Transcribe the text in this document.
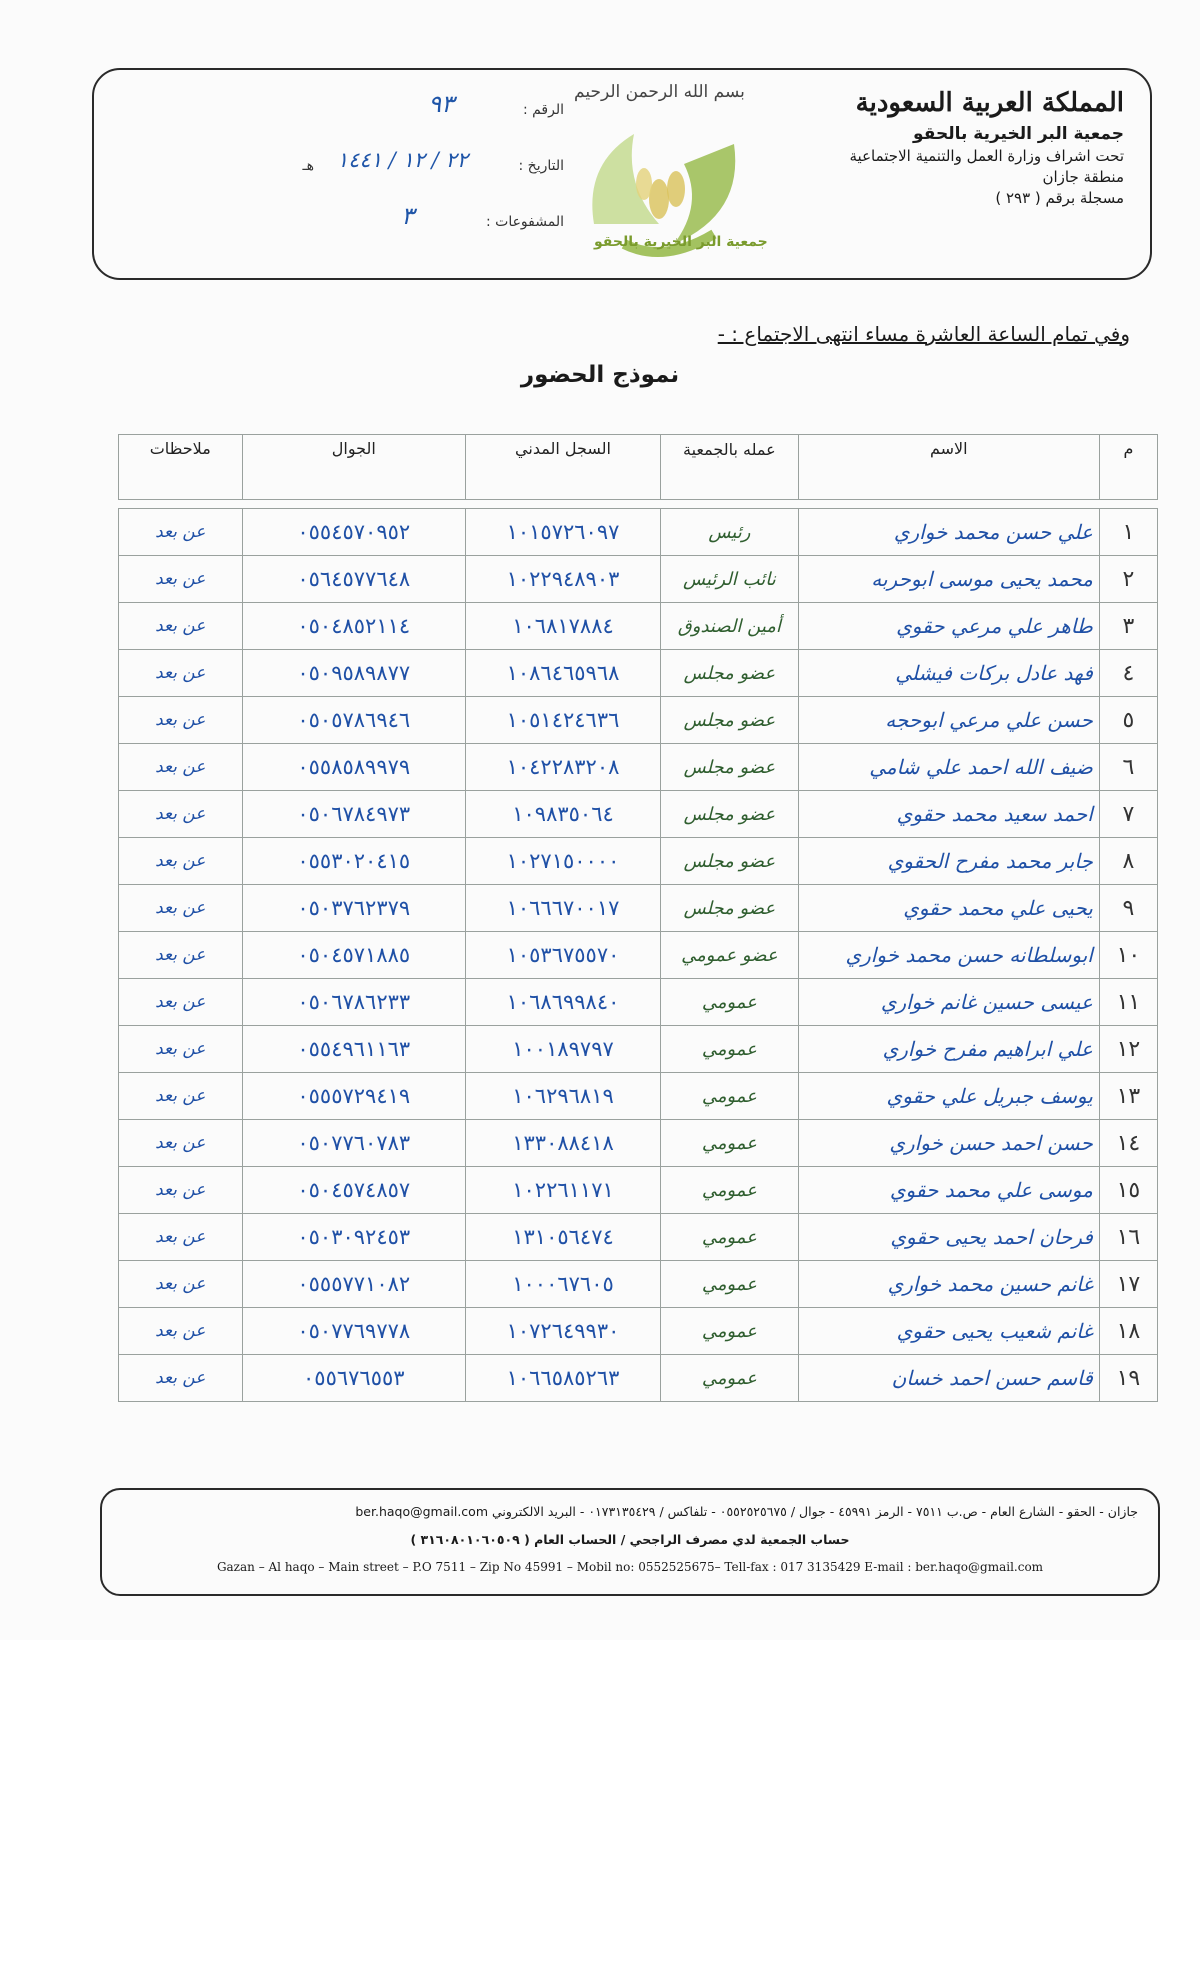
المملكة العربية السعودية
جمعية البر الخيرية بالحقو
تحت اشراف وزارة العمل والتنمية الاجتماعية
منطقة جازان
مسجلة برقم ( ٢٩٣ )
بسم الله الرحمن الرحيم
جمعية البر الخيرية بالحقو
الرقم :
٩٣
التاريخ :
٢٢ / ١٢ / ١٤٤١
هـ
المشفوعات :
٣
وفي تمام الساعة العاشرة مساء انتهى الاجتماع : -
نموذج الحضور
م	الاسم	عمله بالجمعية	السجل المدني	الجوال	ملاحظات

١	علي حسن محمد خواري	رئيس	١٠١٥٧٢٦٠٩٧	٠٥٥٤٥٧٠٩٥٢	عن بعد
٢	محمد يحيى موسى ابوحربه	نائب الرئيس	١٠٢٢٩٤٨٩٠٣	٠٥٦٤٥٧٧٦٤٨	عن بعد
٣	طاهر علي مرعي حقوي	أمين الصندوق	١٠٦٨١٧٨٨٤	٠٥٠٤٨٥٢١١٤	عن بعد
٤	فهد عادل بركات فيشلي	عضو مجلس	١٠٨٦٤٦٥٩٦٨	٠٥٠٩٥٨٩٨٧٧	عن بعد
٥	حسن علي مرعي ابوحجه	عضو مجلس	١٠٥١٤٢٤٦٣٦	٠٥٠٥٧٨٦٩٤٦	عن بعد
٦	ضيف الله احمد علي شامي	عضو مجلس	١٠٤٢٢٨٣٢٠٨	٠٥٥٨٥٨٩٩٧٩	عن بعد
٧	احمد سعيد محمد حقوي	عضو مجلس	١٠٩٨٣٥٠٦٤	٠٥٠٦٧٨٤٩٧٣	عن بعد
٨	جابر محمد مفرح الحقوي	عضو مجلس	١٠٢٧١٥٠٠٠٠	٠٥٥٣٠٢٠٤١٥	عن بعد
٩	يحيى علي محمد حقوي	عضو مجلس	١٠٦٦٦٧٠٠١٧	٠٥٠٣٧٦٢٣٧٩	عن بعد
١٠	ابوسلطانه حسن محمد خواري	عضو عمومي	١٠٥٣٦٧٥٥٧٠	٠٥٠٤٥٧١٨٨٥	عن بعد
١١	عيسى حسين غانم خواري	عمومي	١٠٦٨٦٩٩٨٤٠	٠٥٠٦٧٨٦٢٣٣	عن بعد
١٢	علي ابراهيم مفرح خواري	عمومي	١٠٠١٨٩٧٩٧	٠٥٥٤٩٦١١٦٣	عن بعد
١٣	يوسف جبريل علي حقوي	عمومي	١٠٦٢٩٦٨١٩	٠٥٥٥٧٢٩٤١٩	عن بعد
١٤	حسن احمد حسن خواري	عمومي	١٣٣٠٨٨٤١٨	٠٥٠٧٧٦٠٧٨٣	عن بعد
١٥	موسى علي محمد حقوي	عمومي	١٠٢٢٦١١٧١	٠٥٠٤٥٧٤٨٥٧	عن بعد
١٦	فرحان احمد يحيى حقوي	عمومي	١٣١٠٥٦٤٧٤	٠٥٠٣٠٩٢٤٥٣	عن بعد
١٧	غانم حسين محمد خواري	عمومي	١٠٠٠٦٧٦٠٥	٠٥٥٥٧٧١٠٨٢	عن بعد
١٨	غانم شعيب يحيى حقوي	عمومي	١٠٧٢٦٤٩٩٣٠	٠٥٠٧٧٦٩٧٧٨	عن بعد
١٩	قاسم حسن احمد خسان	عمومي	١٠٦٦٥٨٥٢٦٣	٠٥٥٦٧٦٥٥٣	عن بعد
جازان - الحقو - الشارع العام - ص.ب ٧٥١١ - الرمز ٤٥٩٩١ - جوال / ٠٥٥٢٥٢٥٦٧٥ - تلفاكس / ٠١٧٣١٣٥٤٢٩ - البريد الالكتروني ber.haqo@gmail.com
حساب الجمعية لدي مصرف الراجحي / الحساب العام ( ٣١٦٠٨٠١٠٦٠٥٠٩ )
Gazan – Al haqo – Main street – P.O 7511 – Zip No 45991 – Mobil no: 0552525675– Tell-fax : 017 3135429 E-mail : ber.haqo@gmail.com
